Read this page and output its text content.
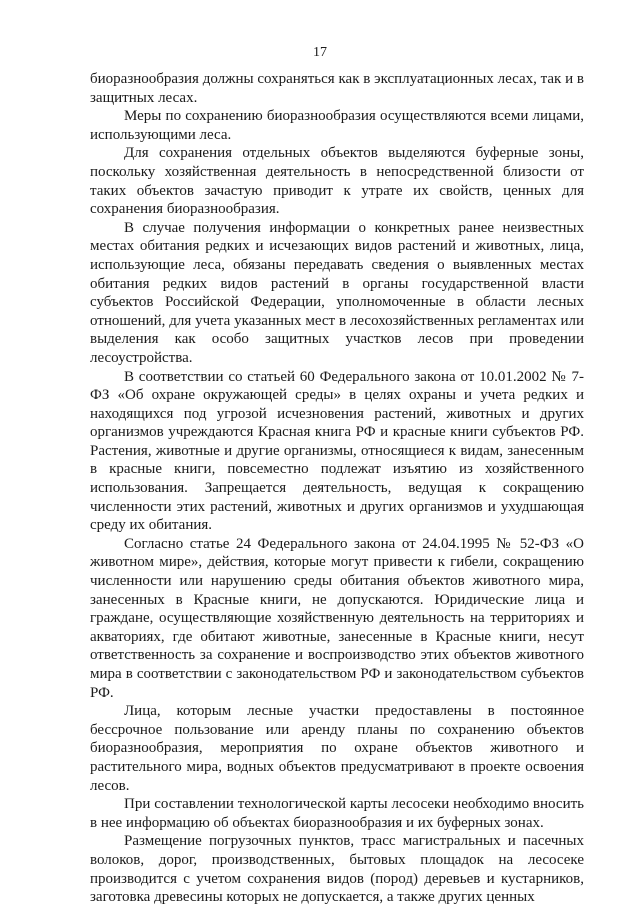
17

биоразнообразия должны сохраняться как в эксплуатационных лесах, так и в защитных лесах.

Меры по сохранению биоразнообразия осуществляются всеми лицами, использующими леса.

Для сохранения отдельных объектов выделяются буферные зоны, поскольку хозяйственная деятельность в непосредственной близости от таких объектов зачастую приводит к утрате их свойств, ценных для сохранения биоразнообразия.

В случае получения информации о конкретных ранее неизвестных местах обитания редких и исчезающих видов растений и животных, лица, использующие леса, обязаны передавать сведения о выявленных местах обитания редких видов растений в органы государственной власти субъектов Российской Федерации, уполномоченные в области лесных отношений, для учета указанных мест в лесохозяйственных регламентах или выделения как особо защитных участков лесов при проведении лесоустройства.

В соответствии со статьей 60 Федерального закона от 10.01.2002 № 7-ФЗ «Об охране окружающей среды» в целях охраны и учета редких и находящихся под угрозой исчезновения растений, животных и других организмов учреждаются Красная книга РФ и красные книги субъектов РФ. Растения, животные и другие организмы, относящиеся к видам, занесенным в красные книги, повсеместно подлежат изъятию из хозяйственного использования. Запрещается деятельность, ведущая к сокращению численности этих растений, животных и других организмов и ухудшающая среду их обитания.

Согласно статье 24 Федерального закона от 24.04.1995 № 52-ФЗ «О животном мире», действия, которые могут привести к гибели, сокращению численности или нарушению среды обитания объектов животного мира, занесенных в Красные книги, не допускаются. Юридические лица и граждане, осуществляющие хозяйственную деятельность на территориях и акваториях, где обитают животные, занесенные в Красные книги, несут ответственность за сохранение и воспроизводство этих объектов животного мира в соответствии с законодательством РФ и законодательством субъектов РФ.

Лица, которым лесные участки предоставлены в постоянное бессрочное пользование или аренду планы по сохранению объектов биоразнообразия, мероприятия по охране объектов животного и растительного мира, водных объектов предусматривают в проекте освоения лесов.

При составлении технологической карты лесосеки необходимо вносить в нее информацию об объектах биоразнообразия и их буферных зонах.

Размещение погрузочных пунктов, трасс магистральных и пасечных волоков, дорог, производственных, бытовых площадок на лесосеке производится с учетом сохранения видов (пород) деревьев и кустарников, заготовка древесины которых не допускается, а также других ценных
